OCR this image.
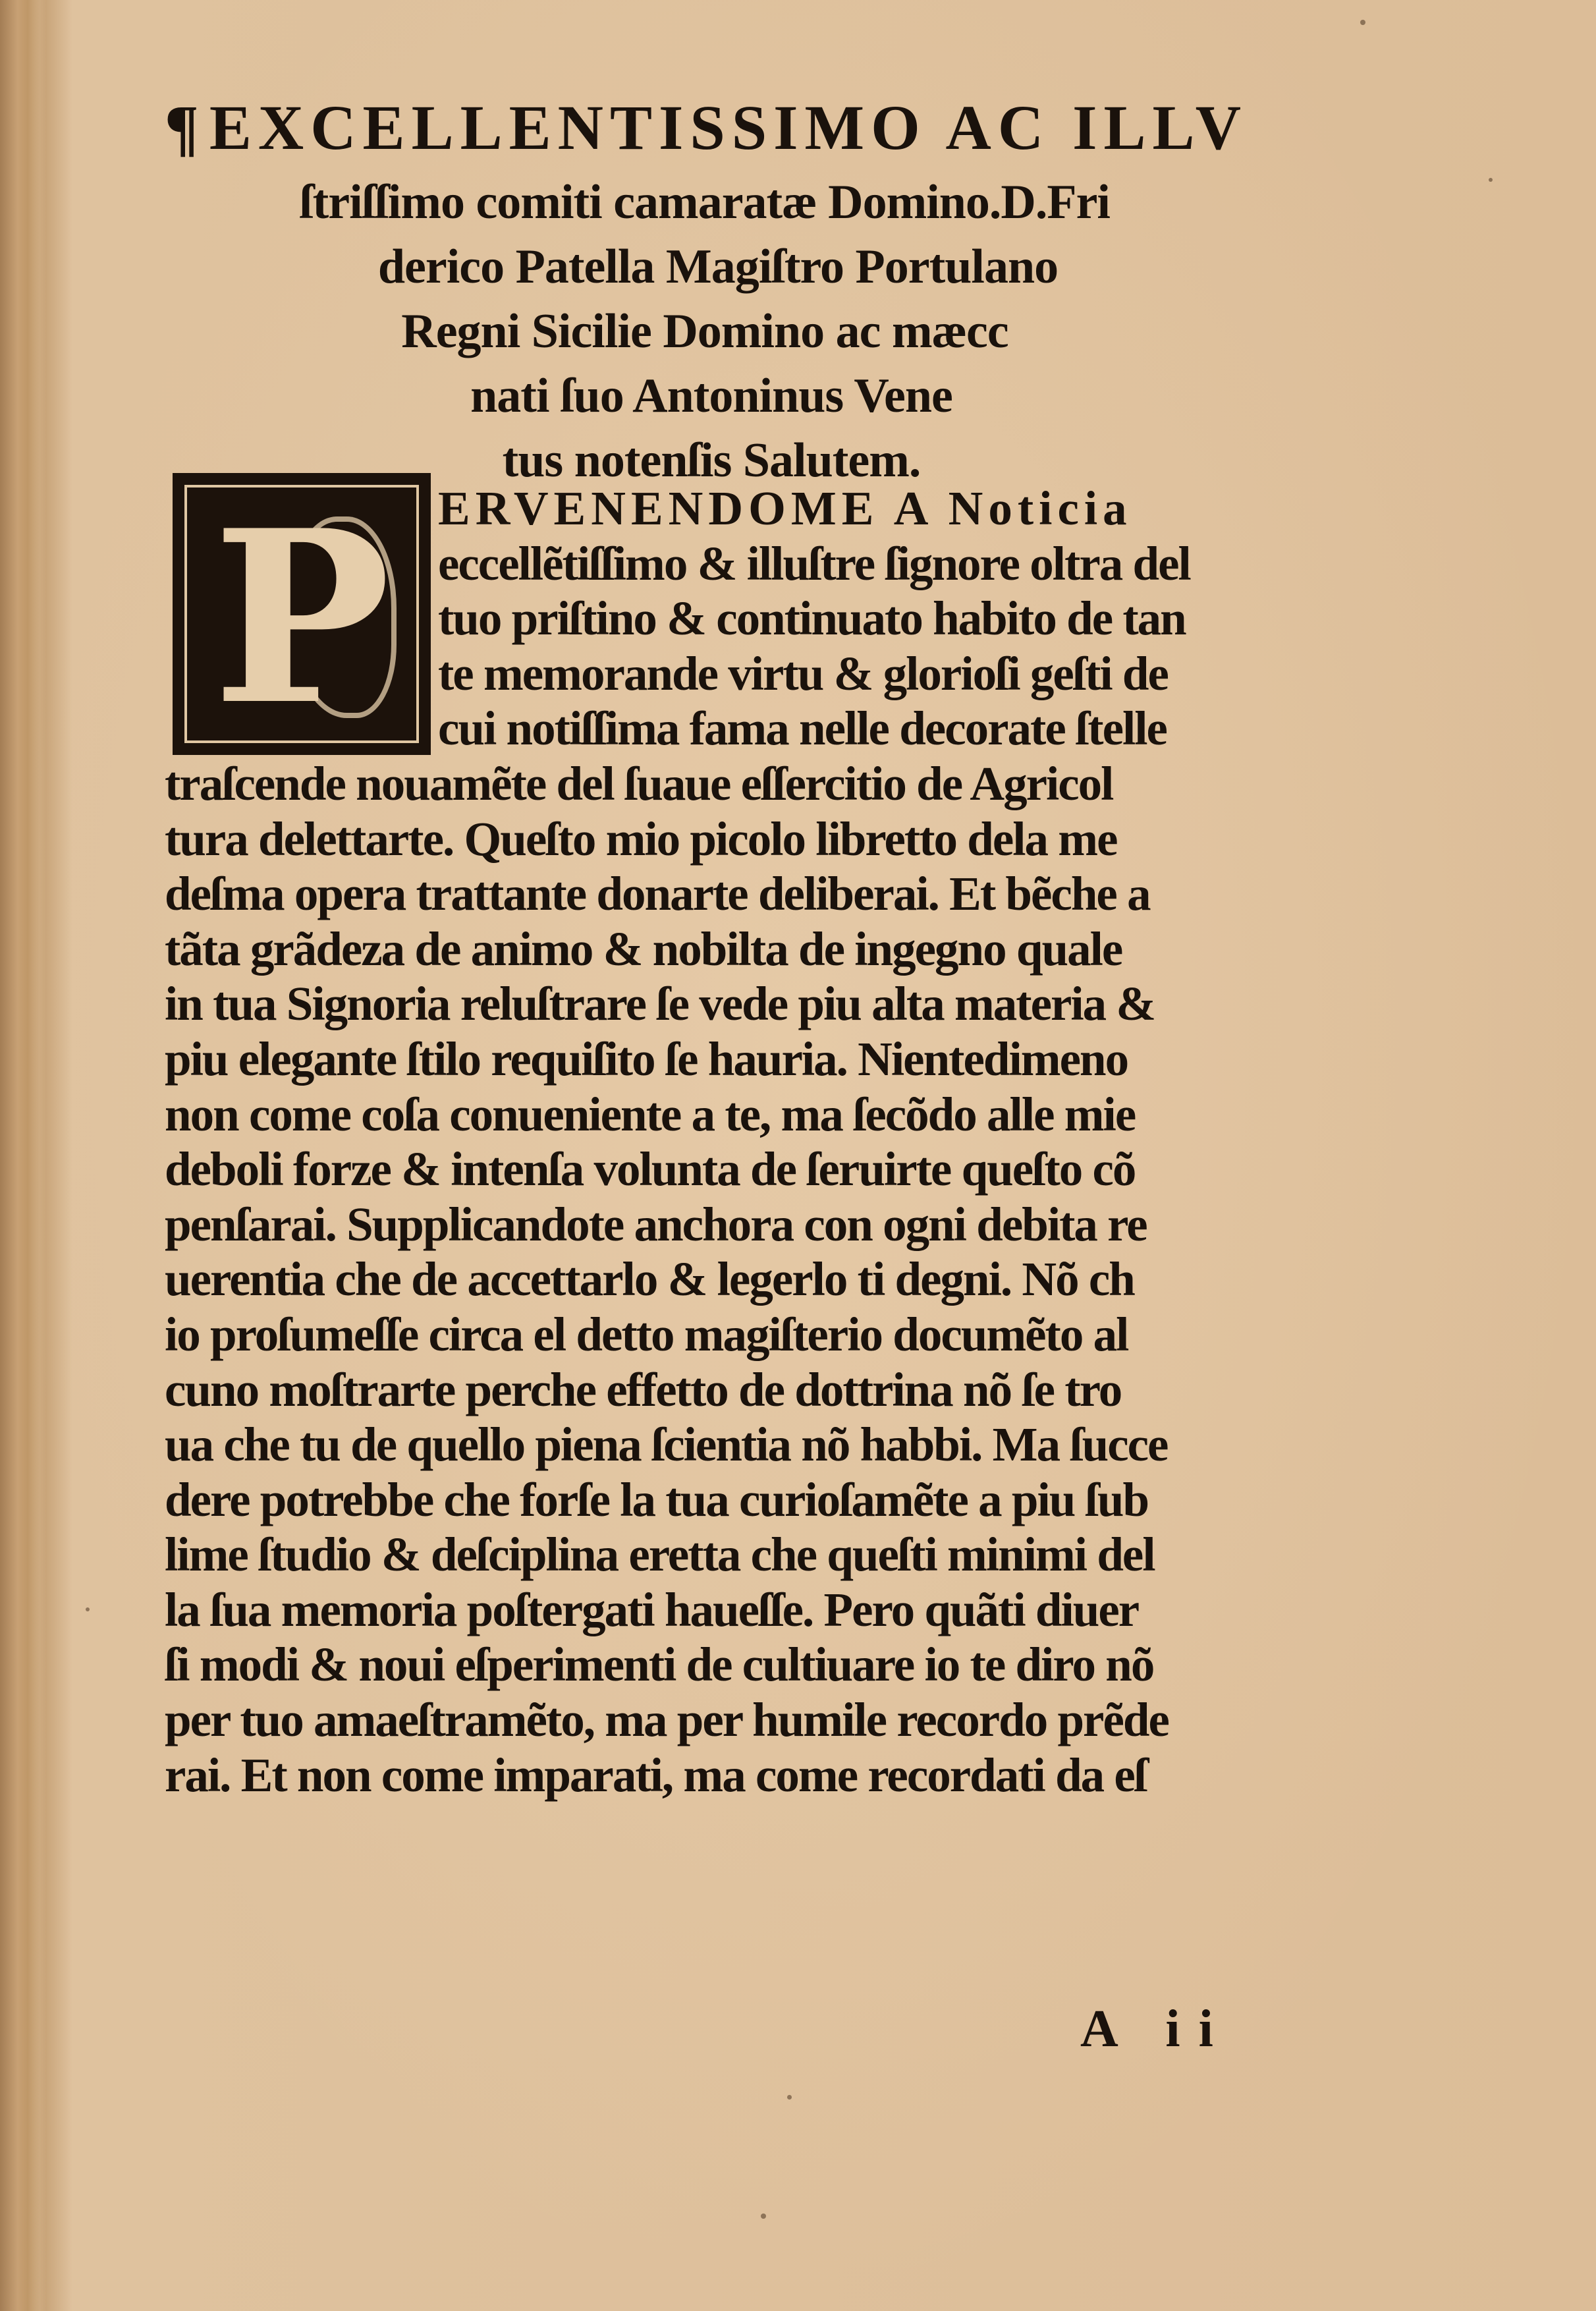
¶EXCELLENTISSIMO AC ILLV
ſtriſſimo comiti camaratæ Domino.D.Fri
derico Patella Magiſtro Portulano
Regni Sicilie Domino ac mæcc
nati ſuo Antoninus Vene
tus notenſis Salutem.
P ERVENENDOME A Noticia
eccellẽtiſſimo & illuſtre ſignore oltra del
tuo priſtino & continuato habito de tan
te memorande virtu & glorioſi geſti de
cui notiſſima fama nelle decorate ſtelle
traſcende nouamẽte del ſuaue eſſercitio de Agricol
tura delettarte. Queſto mio picolo libretto dela me
deſma opera trattante donarte deliberai. Et bẽche a
tãta grãdeza de animo & nobilta de ingegno quale
in tua Signoria reluſtrare ſe vede piu alta materia &
piu elegante ſtilo requiſito ſe hauria. Nientedimeno
non come coſa conueniente a te, ma ſecõdo alle mie
deboli forze & intenſa volunta de ſeruirte queſto cõ
penſarai. Supplicandote anchora con ogni debita re
uerentia che de accettarlo & legerlo ti degni. Nõ ch
io proſumeſſe circa el detto magiſterio documẽto al
cuno moſtrarte perche effetto de dottrina nõ ſe tro
ua che tu de quello piena ſcientia nõ habbi. Ma ſucce
dere potrebbe che forſe la tua curioſamẽte a piu ſub
lime ſtudio & deſciplina eretta che queſti minimi del
la ſua memoria poſtergati haueſſe. Pero quãti diuer
ſi modi & noui eſperimenti de cultiuare io te diro nõ
per tuo amaeſtramẽto, ma per humile recordo prẽde
rai. Et non come imparati, ma come recordati da eſ
A ii
